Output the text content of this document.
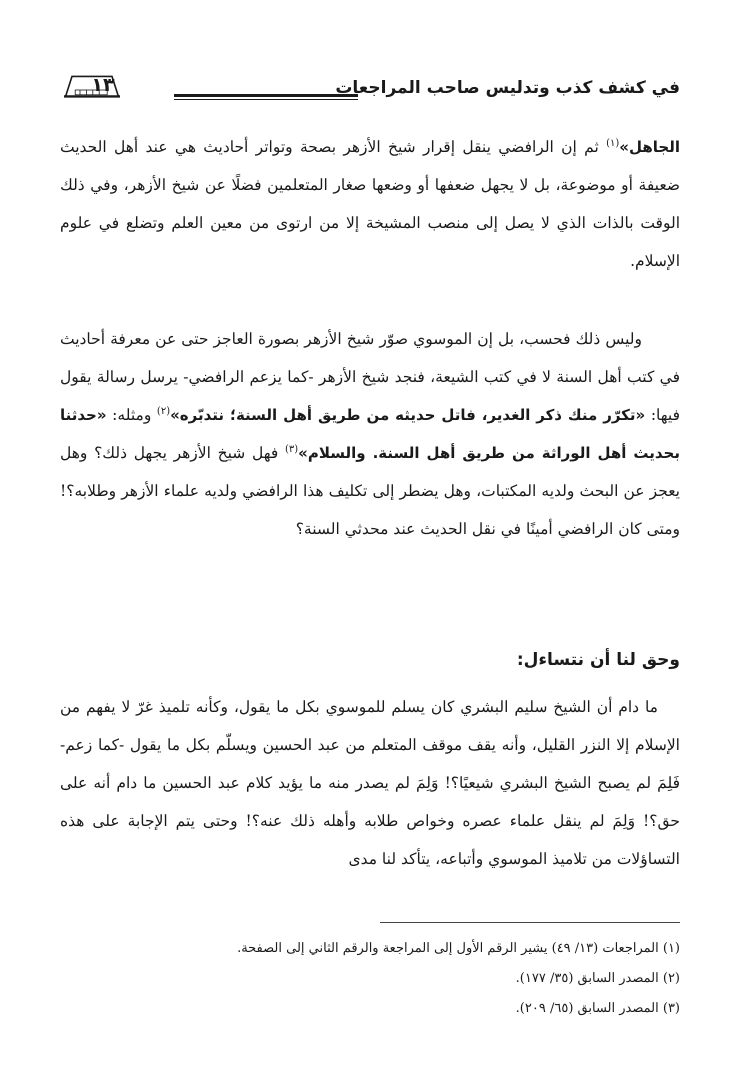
في كشف كذب وتدليس صاحب المراجعات
١٣

الجاهل»$^{(١)}$ ثم إن الرافضي ينقل إقرار شيخ الأزهر بصحة وتواتر أحاديث هي عند أهل الحديث ضعيفة أو موضوعة، بل لا يجهل ضعفها أو وضعها صغار المتعلمين فضلًا عن شيخ الأزهر، وفي ذلك الوقت بالذات الذي لا يصل إلى منصب المشيخة إلا من ارتوى من معين العلم وتضلع في علوم الإسلام.

وليس ذلك فحسب، بل إن الموسوي صوّر شيخ الأزهر بصورة العاجز حتى عن معرفة أحاديث في كتب أهل السنة لا في كتب الشيعة، فنجد شيخ الأزهر -كما يزعم الرافضي- يرسل رسالة يقول فيها: «تكرّر منك ذكر الغدير، فاتل حديثه من طريق أهل السنة؛ نتدبّره»$^{(٢)}$ ومثله: «حدثنا بحديث أهل الوراثة من طريق أهل السنة. والسلام»$^{(٣)}$ فهل شيخ الأزهر يجهل ذلك؟ وهل يعجز عن البحث ولديه المكتبات، وهل يضطر إلى تكليف هذا الرافضي ولديه علماء الأزهر وطلابه؟! ومتى كان الرافضي أمينًا في نقل الحديث عند محدثي السنة؟

وحق لنا أن نتساءل:

ما دام أن الشيخ سليم البشري كان يسلم للموسوي بكل ما يقول، وكأنه تلميذ غرّ لا يفهم من الإسلام إلا النزر القليل، وأنه يقف موقف المتعلم من عبد الحسين ويسلّم بكل ما يقول -كما زعم- فَلِمَ لم يصبح الشيخ البشري شيعيًا؟! وَلِمَ لم يصدر منه ما يؤيد كلام عبد الحسين ما دام أنه على حق؟! وَلِمَ لم ينقل علماء عصره وخواص طلابه وأهله ذلك عنه؟! وحتى يتم الإجابة على هذه التساؤلات من تلاميذ الموسوي وأتباعه، يتأكد لنا مدى

(١) المراجعات (١٣/ ٤٩) يشير الرقم الأول إلى المراجعة والرقم الثاني إلى الصفحة.
(٢) المصدر السابق (٣٥/ ١٧٧).
(٣) المصدر السابق (٦٥/ ٢٠٩).
